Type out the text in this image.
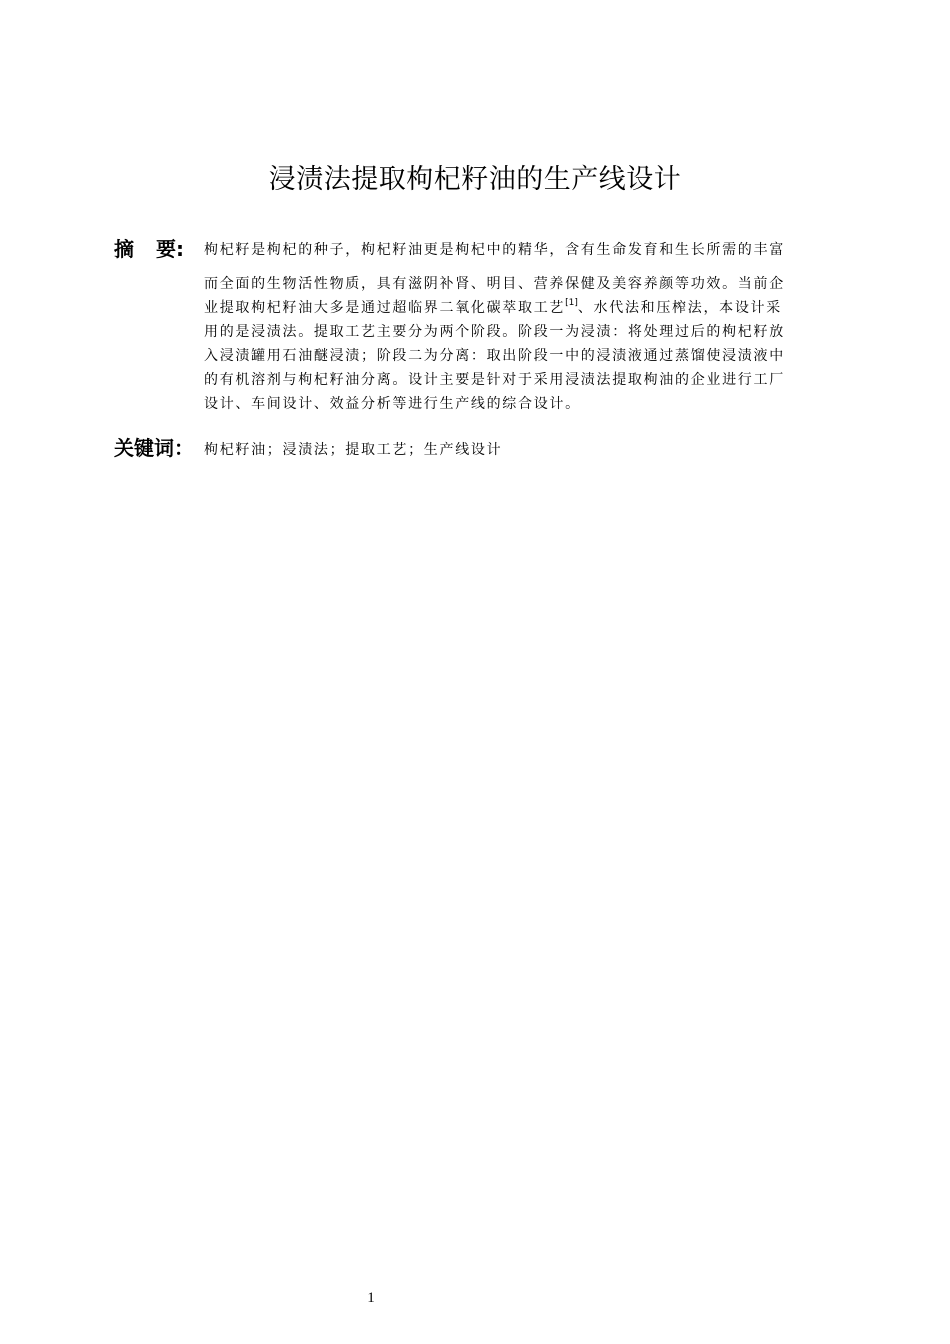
浸渍法提取枸杞籽油的生产线设计
摘 要:	枸杞籽是枸杞的种子，枸杞籽油更是枸杞中的精华，含有生命发育和生长所需的丰富
而全面的生物活性物质，具有滋阴补肾、明目、营养保健及美容养颜等功效。当前企
业提取枸杞籽油大多是通过超临界二氧化碳萃取工艺[1]、水代法和压榨法，本设计采
用的是浸渍法。提取工艺主要分为两个阶段。阶段一为浸渍：将处理过后的枸杞籽放
入浸渍罐用石油醚浸渍；阶段二为分离：取出阶段一中的浸渍液通过蒸馏使浸渍液中
的有机溶剂与枸杞籽油分离。设计主要是针对于采用浸渍法提取枸油的企业进行工厂
设计、车间设计、效益分析等进行生产线的综合设计。
关键词： 枸杞籽油；浸渍法；提取工艺；生产线设计
1
